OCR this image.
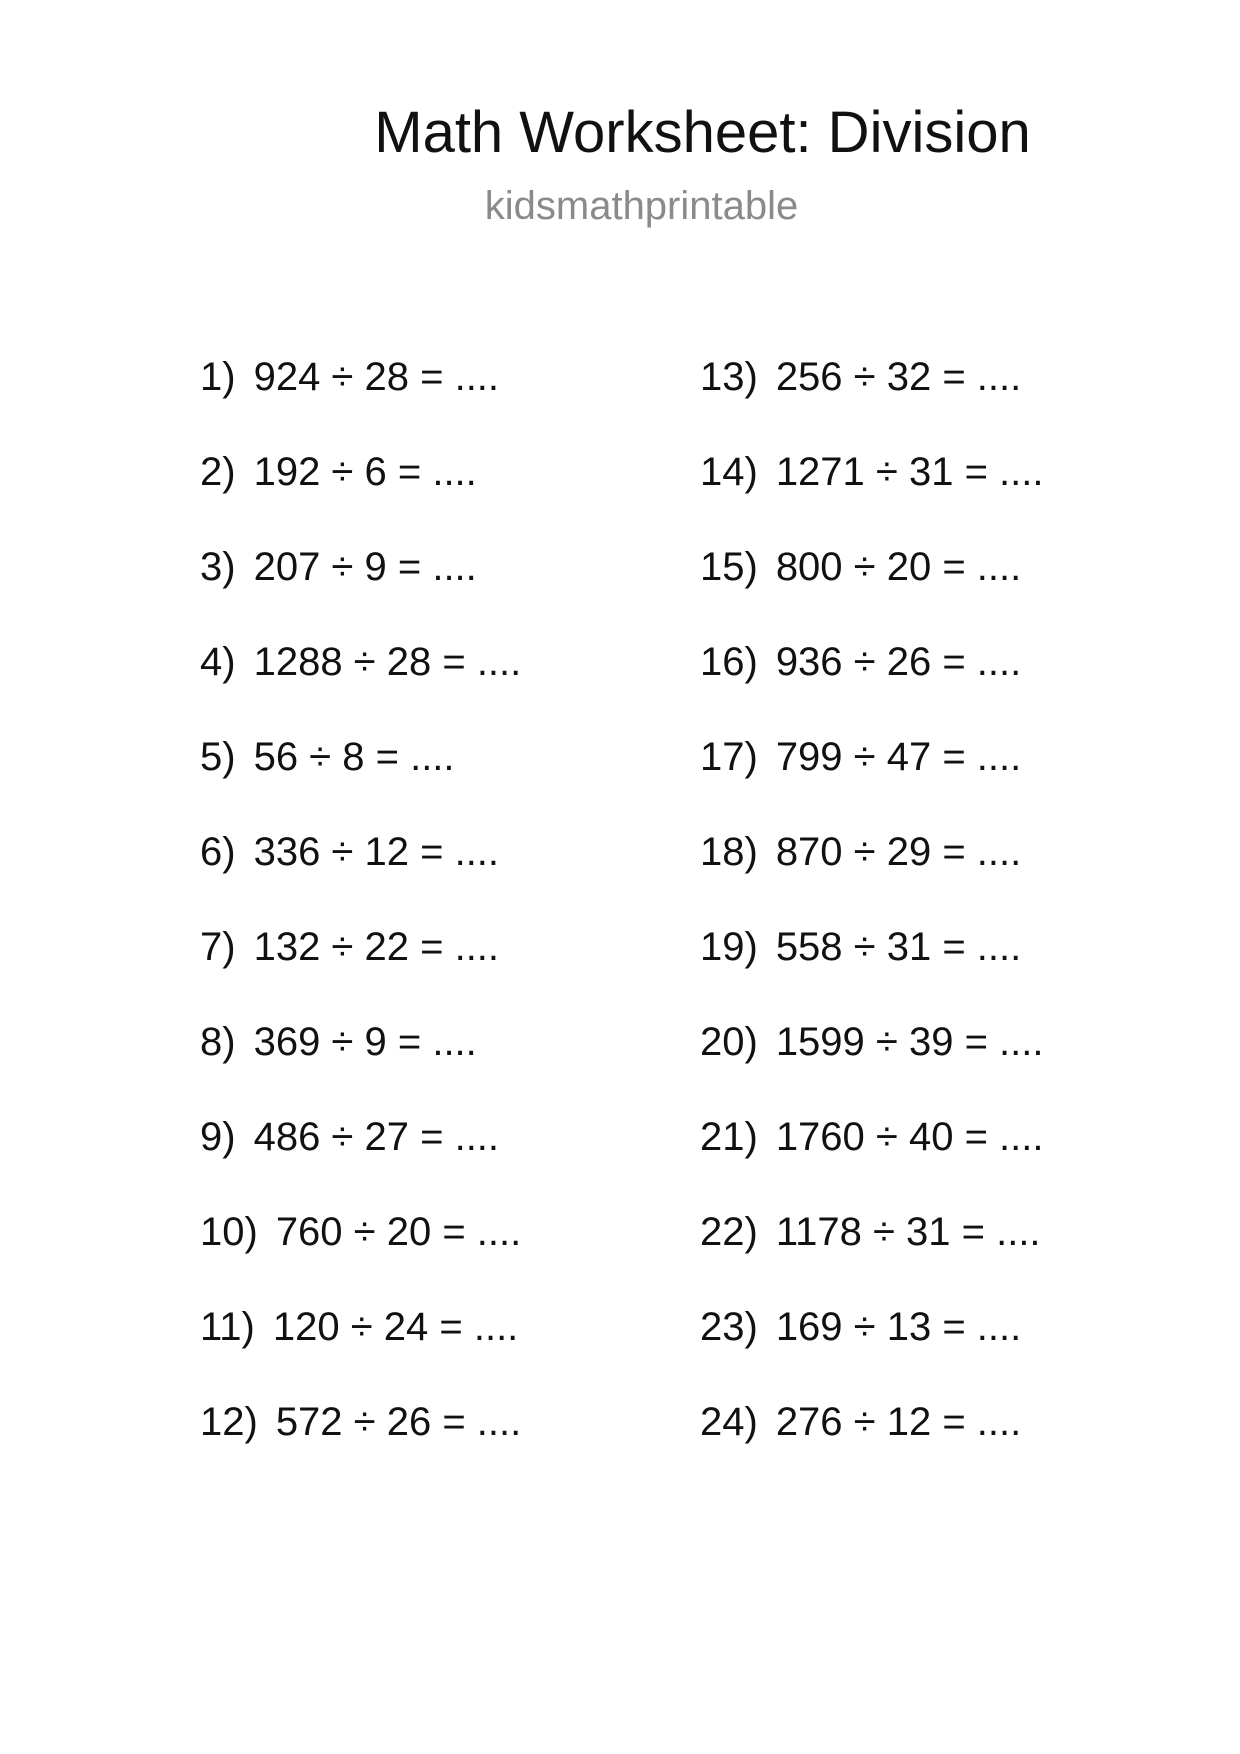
Math Worksheet: Division
kidsmathprintable
1) 924 ÷ 28 = ....
2) 192 ÷ 6 = ....
3) 207 ÷ 9 = ....
4) 1288 ÷ 28 = ....
5) 56 ÷ 8 = ....
6) 336 ÷ 12 = ....
7) 132 ÷ 22 = ....
8) 369 ÷ 9 = ....
9) 486 ÷ 27 = ....
10) 760 ÷ 20 = ....
11) 120 ÷ 24 = ....
12) 572 ÷ 26 = ....
13) 256 ÷ 32 = ....
14) 1271 ÷ 31 = ....
15) 800 ÷ 20 = ....
16) 936 ÷ 26 = ....
17) 799 ÷ 47 = ....
18) 870 ÷ 29 = ....
19) 558 ÷ 31 = ....
20) 1599 ÷ 39 = ....
21) 1760 ÷ 40 = ....
22) 1178 ÷ 31 = ....
23) 169 ÷ 13 = ....
24) 276 ÷ 12 = ....
